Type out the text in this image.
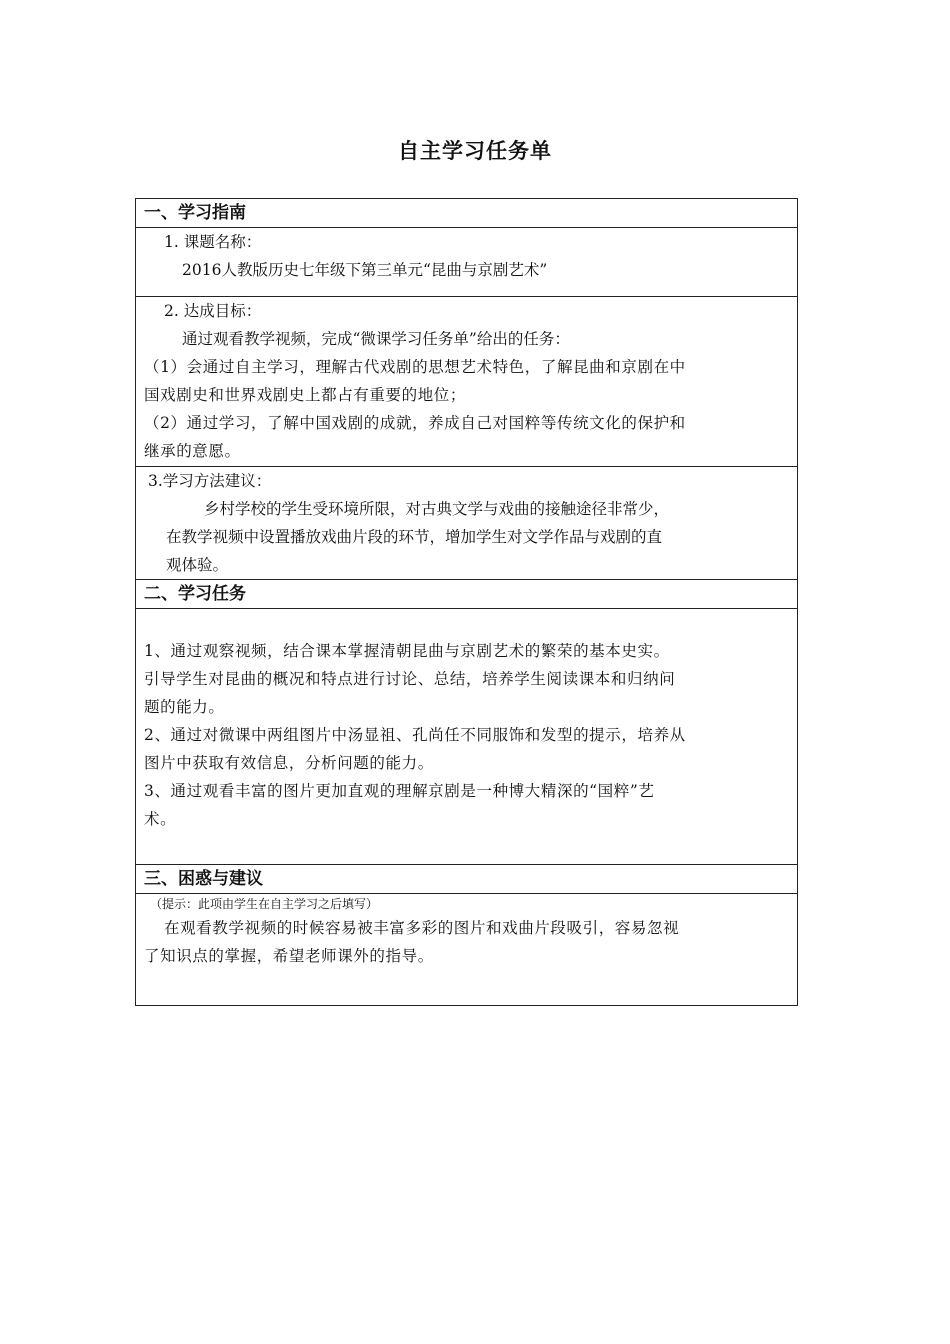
自主学习任务单
一、学习指南
1. 课题名称：
2016人教版历史七年级下第三单元“昆曲与京剧艺术”
2. 达成目标：
通过观看教学视频，完成“微课学习任务单”给出的任务：
（1）会通过自主学习，理解古代戏剧的思想艺术特色，了解昆曲和京剧在中
国戏剧史和世界戏剧史上都占有重要的地位；
（2）通过学习，了解中国戏剧的成就，养成自己对国粹等传统文化的保护和
继承的意愿。
3.学习方法建议：
乡村学校的学生受环境所限，对古典文学与戏曲的接触途径非常少，
在教学视频中设置播放戏曲片段的环节，增加学生对文学作品与戏剧的直
观体验。
二、学习任务
1、通过观察视频，结合课本掌握清朝昆曲与京剧艺术的繁荣的基本史实。
引导学生对昆曲的概况和特点进行讨论、总结，培养学生阅读课本和归纳问
题的能力。
2、通过对微课中两组图片中汤显祖、孔尚任不同服饰和发型的提示，培养从
图片中获取有效信息，分析问题的能力。
3、通过观看丰富的图片更加直观的理解京剧是一种博大精深的“国粹”艺
术。
三、困惑与建议
（提示：此项由学生在自主学习之后填写）
在观看教学视频的时候容易被丰富多彩的图片和戏曲片段吸引，容易忽视
了知识点的掌握，希望老师课外的指导。
